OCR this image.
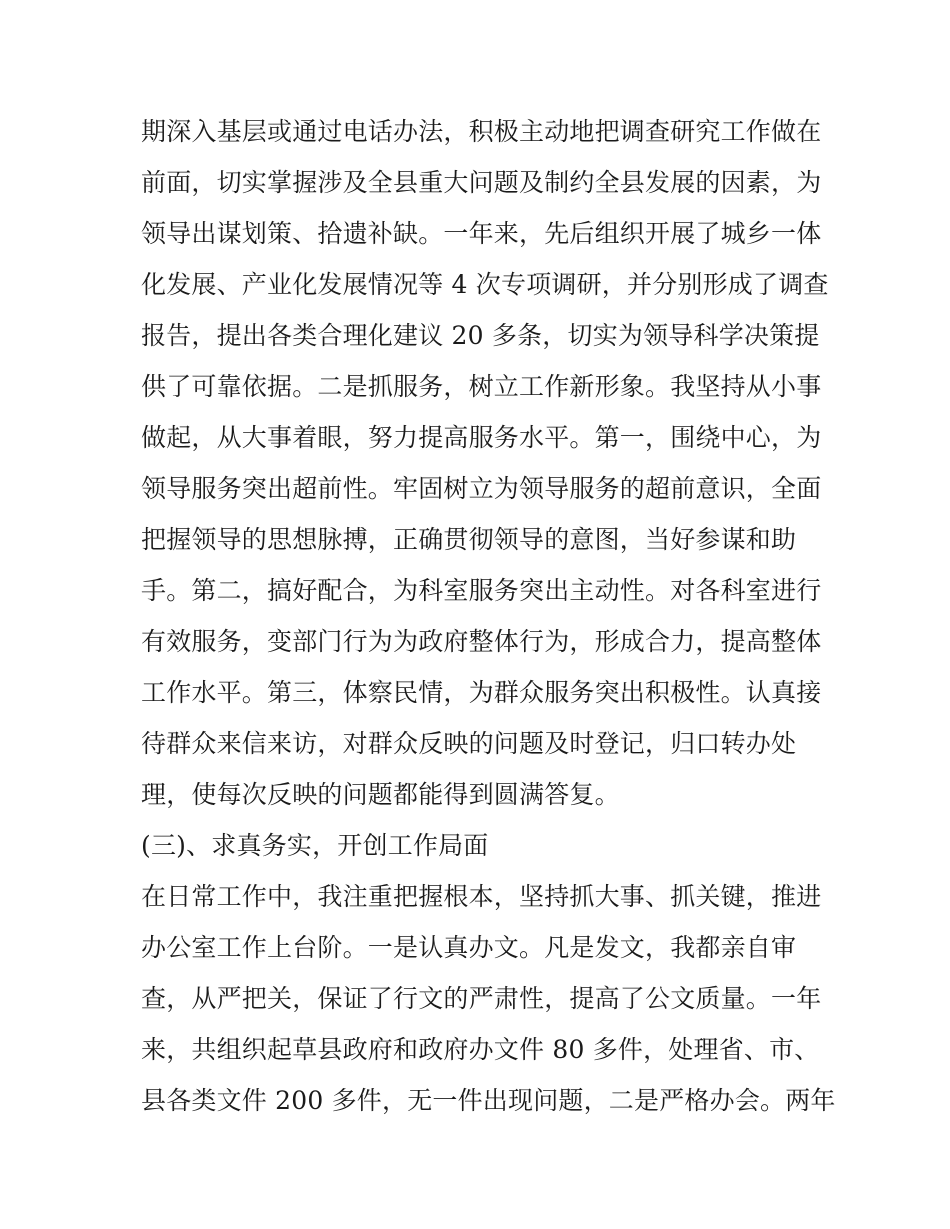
期深入基层或通过电话办法，积极主动地把调查研究工作做在
前面，切实掌握涉及全县重大问题及制约全县发展的因素，为
领导出谋划策、拾遗补缺。一年来，先后组织开展了城乡一体
化发展、产业化发展情况等 4 次专项调研，并分别形成了调查
报告，提出各类合理化建议 20 多条，切实为领导科学决策提
供了可靠依据。二是抓服务，树立工作新形象。我坚持从小事
做起，从大事着眼，努力提高服务水平。第一，围绕中心，为
领导服务突出超前性。牢固树立为领导服务的超前意识，全面
把握领导的思想脉搏，正确贯彻领导的意图，当好参谋和助
手。第二，搞好配合，为科室服务突出主动性。对各科室进行
有效服务，变部门行为为政府整体行为，形成合力，提高整体
工作水平。第三，体察民情，为群众服务突出积极性。认真接
待群众来信来访，对群众反映的问题及时登记，归口转办处
理，使每次反映的问题都能得到圆满答复。
(三)、求真务实，开创工作局面
在日常工作中，我注重把握根本，坚持抓大事、抓关键，推进
办公室工作上台阶。一是认真办文。凡是发文，我都亲自审
查，从严把关，保证了行文的严肃性，提高了公文质量。一年
来，共组织起草县政府和政府办文件 80 多件，处理省、市、
县各类文件 200 多件，无一件出现问题，二是严格办会。两年
